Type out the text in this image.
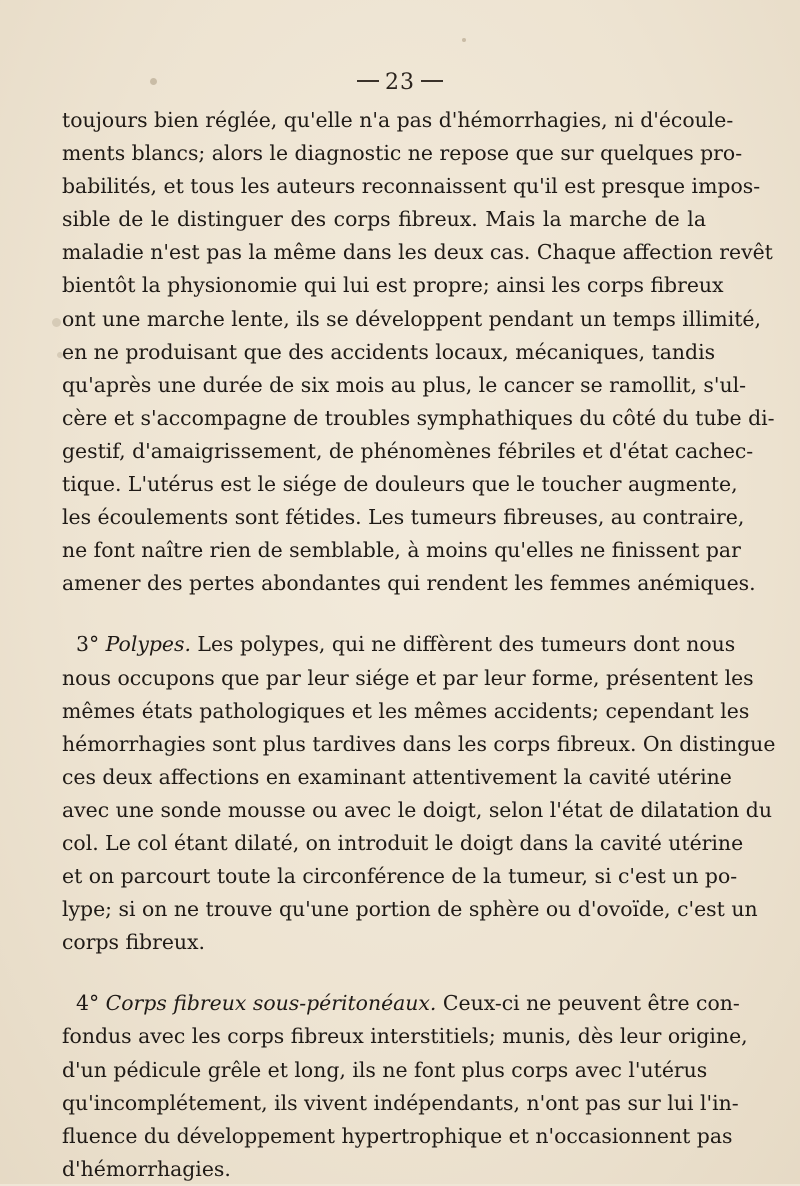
23

toujours bien réglée, qu'elle n'a pas d'hémorrhagies, ni d'écoule-
ments blancs; alors le diagnostic ne repose que sur quelques pro-
babilités, et tous les auteurs reconnaissent qu'il est presque impos-
sible de le distinguer des corps fibreux. Mais la marche de la
maladie n'est pas la même dans les deux cas. Chaque affection revêt
bientôt la physionomie qui lui est propre; ainsi les corps fibreux
ont une marche lente, ils se développent pendant un temps illimité,
en ne produisant que des accidents locaux, mécaniques, tandis
qu'après une durée de six mois au plus, le cancer se ramollit, s'ul-
cère et s'accompagne de troubles symphathiques du côté du tube di-
gestif, d'amaigrissement, de phénomènes fébriles et d'état cachec-
tique. L'utérus est le siége de douleurs que le toucher augmente,
les écoulements sont fétides. Les tumeurs fibreuses, au contraire,
ne font naître rien de semblable, à moins qu'elles ne finissent par
amener des pertes abondantes qui rendent les femmes anémiques.

3° Polypes. Les polypes, qui ne diffèrent des tumeurs dont nous
nous occupons que par leur siége et par leur forme, présentent les
mêmes états pathologiques et les mêmes accidents; cependant les
hémorrhagies sont plus tardives dans les corps fibreux. On distingue
ces deux affections en examinant attentivement la cavité utérine
avec une sonde mousse ou avec le doigt, selon l'état de dilatation du
col. Le col étant dilaté, on introduit le doigt dans la cavité utérine
et on parcourt toute la circonférence de la tumeur, si c'est un po-
lype; si on ne trouve qu'une portion de sphère ou d'ovoïde, c'est un
corps fibreux.

4° Corps fibreux sous-péritonéaux. Ceux-ci ne peuvent être con-
fondus avec les corps fibreux interstitiels; munis, dès leur origine,
d'un pédicule grêle et long, ils ne font plus corps avec l'utérus
qu'incomplétement, ils vivent indépendants, n'ont pas sur lui l'in-
fluence du développement hypertrophique et n'occasionnent pas
d'hémorrhagies.
